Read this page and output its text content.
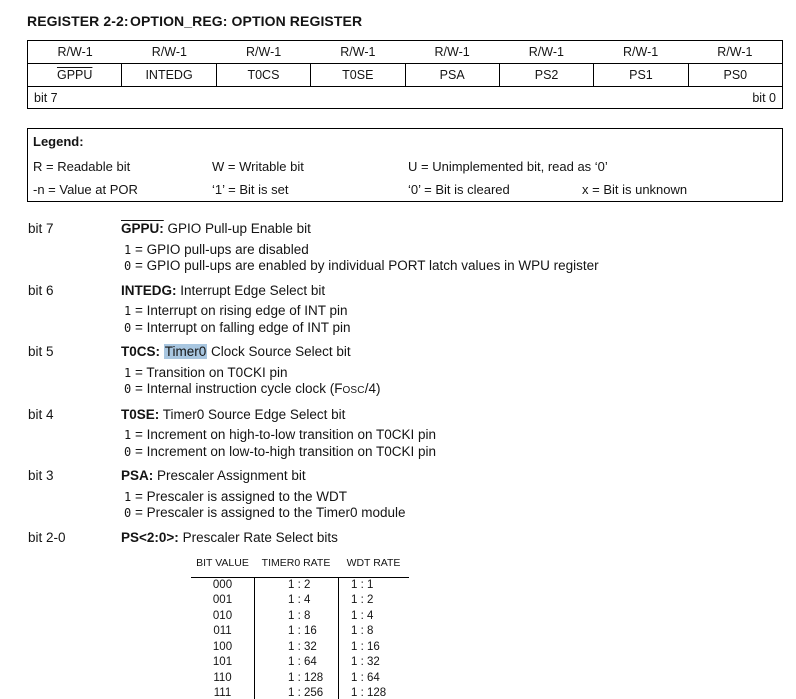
REGISTER 2-2: OPTION_REG: OPTION REGISTER
R/W-1	R/W-1	R/W-1	R/W-1	R/W-1	R/W-1	R/W-1	R/W-1
GPPU	INTEDG	T0CS	T0SE	PSA	PS2	PS1	PS0
bit 7	bit 0
Legend:
R = Readable bit	W = Writable bit	U = Unimplemented bit, read as ‘0’
-n = Value at POR	‘1’ = Bit is set	‘0’ = Bit is cleared	x = Bit is unknown
bit 7	GPPU: GPIO Pull-up Enable bit
1 = GPIO pull-ups are disabled
0 = GPIO pull-ups are enabled by individual PORT latch values in WPU register
bit 6	INTEDG: Interrupt Edge Select bit
1 = Interrupt on rising edge of INT pin
0 = Interrupt on falling edge of INT pin
bit 5	T0CS: Timer0 Clock Source Select bit
1 = Transition on T0CKI pin
0 = Internal instruction cycle clock (FOSC/4)
bit 4	T0SE: Timer0 Source Edge Select bit
1 = Increment on high-to-low transition on T0CKI pin
0 = Increment on low-to-high transition on T0CKI pin
bit 3	PSA: Prescaler Assignment bit
1 = Prescaler is assigned to the WDT
0 = Prescaler is assigned to the Timer0 module
bit 2-0	PS<2:0>: Prescaler Rate Select bits
BIT VALUE	TIMER0 RATE	WDT RATE
000	1 : 2	1 : 1
001	1 : 4	1 : 2
010	1 : 8	1 : 4
011	1 : 16	1 : 8
100	1 : 32	1 : 16
101	1 : 64	1 : 32
110	1 : 128	1 : 64
111	1 : 256	1 : 128
